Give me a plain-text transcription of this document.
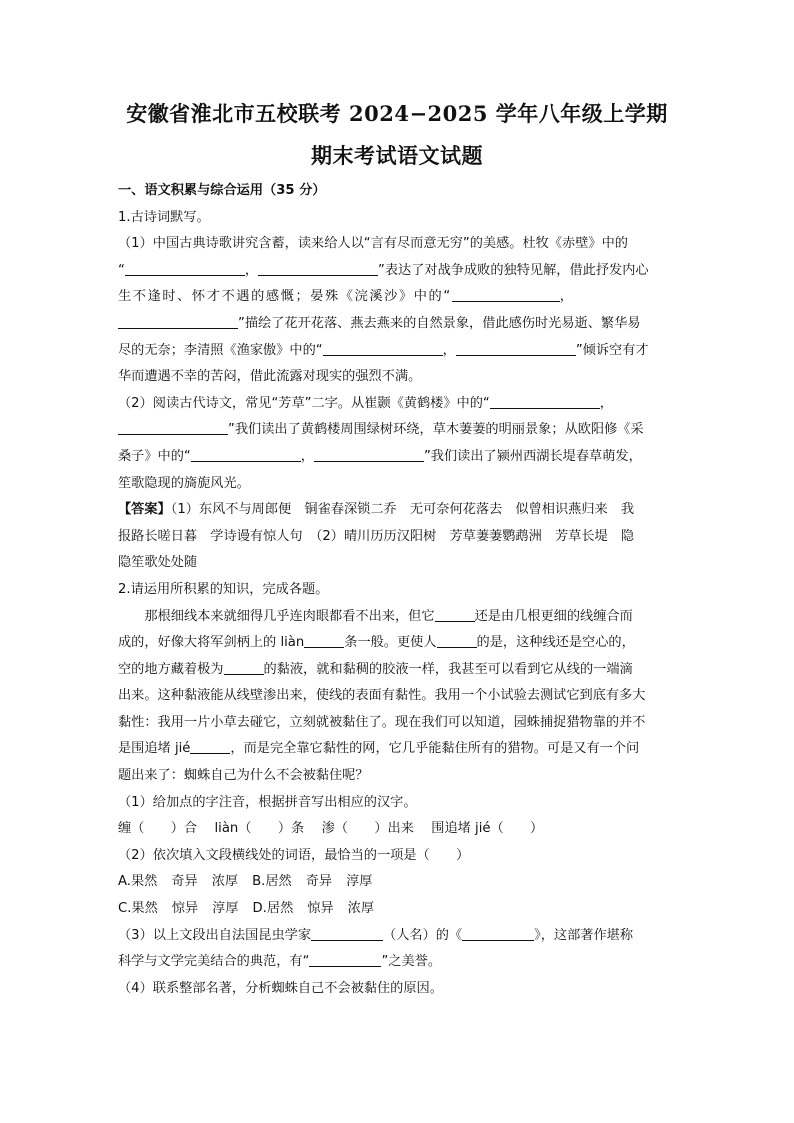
安徽省淮北市五校联考 2024−2025 学年八年级上学期
期末考试语文试题

一、语文积累与综合运用（35 分）

1.古诗词默写。

（1）中国古典诗歌讲究含蓄，读来给人以“言有尽而意无穷”的美感。杜牧《赤壁》中的

“	，	”表达了对战争成败的独特见解，借此抒发内心

生不逢时、怀才不遇的感慨；晏殊《浣溪沙》中的“	，

”描绘了花开花落、燕去燕来的自然景象，借此感伤时光易逝、繁华易

尽的无奈；李清照《渔家傲》中的“	，	”倾诉空有才

华而遭遇不幸的苦闷，借此流露对现实的强烈不满。

（2）阅读古代诗文，常见“芳草”二字。从崔颢《黄鹤楼》中的“	，

”我们读出了黄鹤楼周围绿树环绕，草木萋萋的明丽景象；从欧阳修《采

桑子》中的“	，	”我们读出了颍州西湖长堤春草萌发，

笙歌隐现的旖旎风光。

【答案】（1）东风不与周郎便　铜雀春深锁二乔　无可奈何花落去　似曾相识燕归来　我

报路长嗟日暮　学诗谩有惊人句　（2）晴川历历汉阳树　芳草萋萋鹦鹉洲　芳草长堤　隐

隐笙歌处处随

2.请运用所积累的知识，完成各题。

那根细线本来就细得几乎连肉眼都看不出来，但它	还是由几根更细的线缠合而

成的，好像大将军剑柄上的 liàn	条一般。更使人	的是，这种线还是空心的，

空的地方藏着极为	的黏液，就和黏稠的胶液一样，我甚至可以看到它从线的一端滴

出来。这种黏液能从线壁渗出来，使线的表面有黏性。我用一个小试验去测试它到底有多大

黏性：我用一片小草去碰它，立刻就被黏住了。现在我们可以知道，园蛛捕捉猎物靠的并不

是围追堵 jié	，而是完全靠它黏性的网，它几乎能黏住所有的猎物。可是又有一个问

题出来了：蜘蛛自己为什么不会被黏住呢？

（1）给加点的字注音，根据拼音写出相应的汉字。

缠（　　）合　 liàn（　　）条　 渗（　　）出来　 围追堵 jié（　　）

（2）依次填入文段横线处的词语，最恰当的一项是（　　）

A.果然 奇异 浓厚 B.居然 奇异 淳厚

C.果然 惊异 淳厚 D.居然 惊异 浓厚

（3）以上文段出自法国昆虫学家	（人名）的《	》，这部著作堪称

科学与文学完美结合的典范，有“	”之美誉。

（4）联系整部名著，分析蜘蛛自己不会被黏住的原因。
